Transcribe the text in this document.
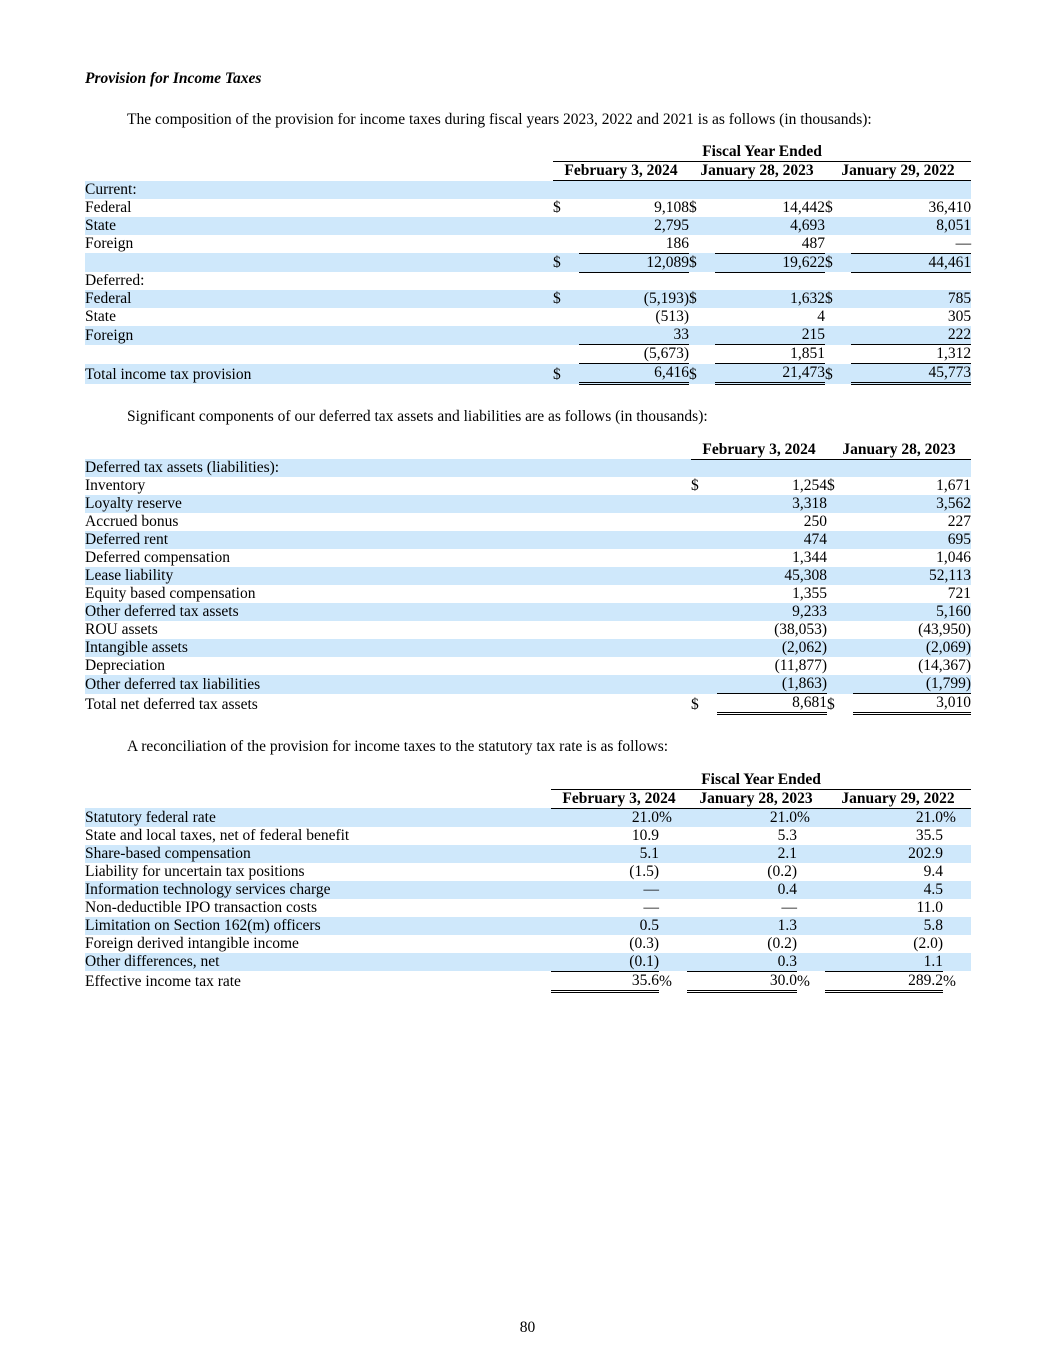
Provision for Income Taxes
The composition of the provision for income taxes during fiscal years 2023, 2022 and 2021 is as follows (in thousands):
	Fiscal Year Ended					
	February 3, 2024		January 28, 2023		January 29, 2022	
Current:						
Federal	$	9,108	$	14,442	$	36,410
State		2,795		4,693		8,051
Foreign		186		487		—
	$	12,089	$	19,622	$	44,461
Deferred:						
Federal	$	(5,193)	$	1,632	$	785
State		(513)		4		305
Foreign		33		215		222
		(5,673)		1,851		1,312
Total income tax provision	$	6,416	$	21,473	$	45,773
Significant components of our deferred tax assets and liabilities are as follows (in thousands):
	February 3, 2024		January 28, 2023	
Deferred tax assets (liabilities):				
Inventory	$	1,254	$	1,671
Loyalty reserve		3,318		3,562
Accrued bonus		250		227
Deferred rent		474		695
Deferred compensation		1,344		1,046
Lease liability		45,308		52,113
Equity based compensation		1,355		721
Other deferred tax assets		9,233		5,160
ROU assets		(38,053)		(43,950)
Intangible assets		(2,062)		(2,069)
Depreciation		(11,877)		(14,367)
Other deferred tax liabilities		(1,863)		(1,799)
Total net deferred tax assets	$	8,681	$	3,010
A reconciliation of the provision for income taxes to the statutory tax rate is as follows:
	Fiscal Year Ended					
	February 3, 2024		January 28, 2023		January 29, 2022	
Statutory federal rate	21.0	%	21.0	%	21.0	%
State and local taxes, net of federal benefit	10.9		5.3		35.5	
Share-based compensation	5.1		2.1		202.9	
Liability for uncertain tax positions	(1.5)		(0.2)		9.4	
Information technology services charge	—		0.4		4.5	
Non-deductible IPO transaction costs	—		—		11.0	
Limitation on Section 162(m) officers	0.5		1.3		5.8	
Foreign derived intangible income	(0.3)		(0.2)		(2.0)	
Other differences, net	(0.1)		0.3		1.1	
Effective income tax rate	35.6	%	30.0	%	289.2	%
80
